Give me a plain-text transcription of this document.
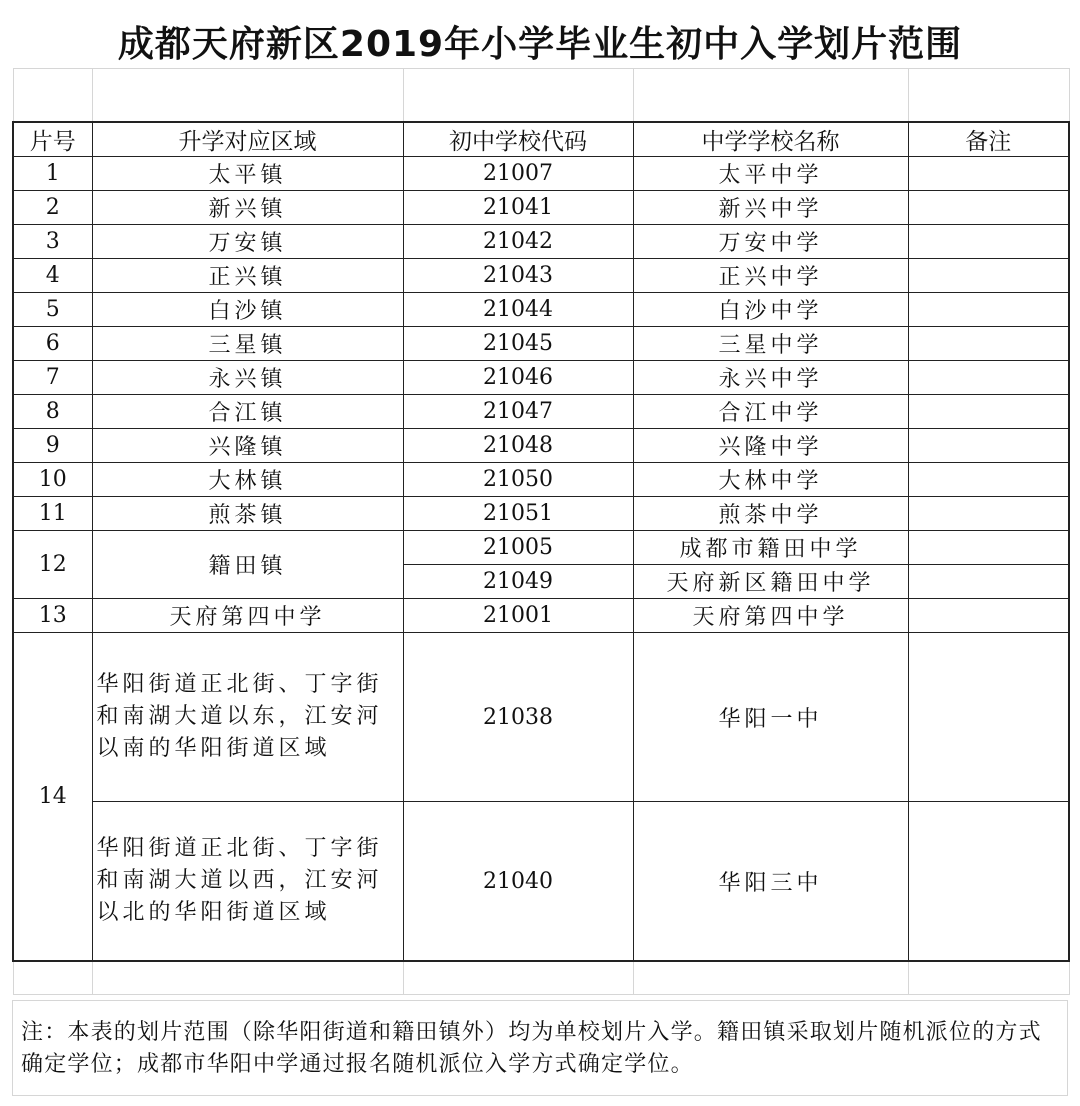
成都天府新区2019年小学毕业生初中入学划片范围

片号	升学对应区域	初中学校代码	中学学校名称	备注
1	太平镇	21007	太平中学	
2	新兴镇	21041	新兴中学	
3	万安镇	21042	万安中学	
4	正兴镇	21043	正兴中学	
5	白沙镇	21044	白沙中学	
6	三星镇	21045	三星中学	
7	永兴镇	21046	永兴中学	
8	合江镇	21047	合江中学	
9	兴隆镇	21048	兴隆中学	
10	大林镇	21050	大林中学	
11	煎茶镇	21051	煎茶中学	
12	籍田镇	21005	成都市籍田中学	
		21049	天府新区籍田中学	
13	天府第四中学	21001	天府第四中学	
14	华阳街道正北街、丁字街
和南湖大道以东，江安河
以南的华阳街道区域	21038	华阳一中	

	华阳街道正北街、丁字街
和南湖大道以西，江安河
以北的华阳街道区域	21040	华阳三中	

注：本表的划片范围（除华阳街道和籍田镇外）均为单校划片入学。籍田镇采取划片随机派位的方式确定学位；成都市华阳中学通过报名随机派位入学方式确定学位。
